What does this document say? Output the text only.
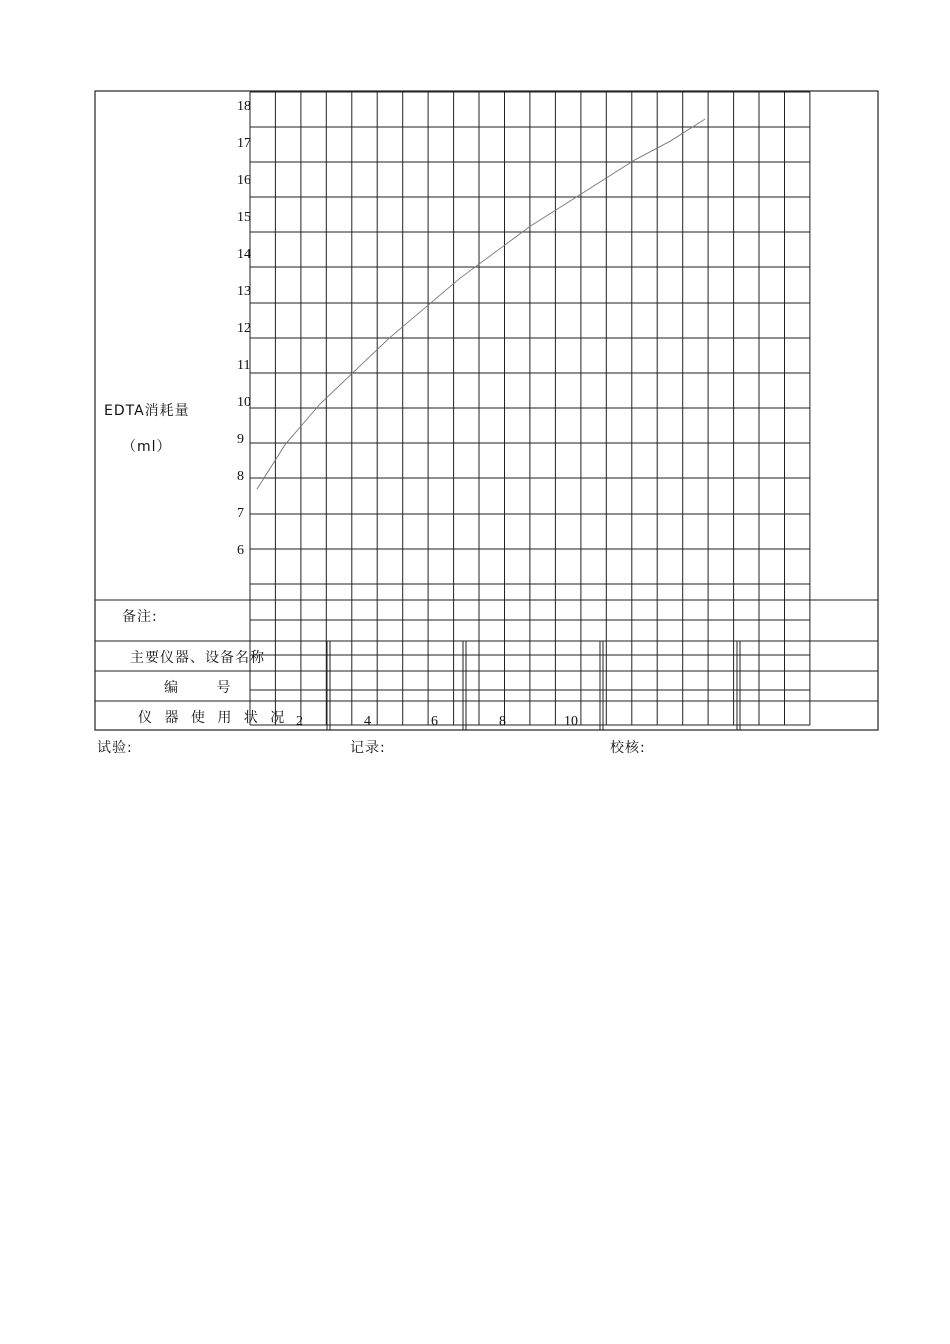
18
17
16
15
14
13
12
11
10
9
8
7
6
2	4	6	8	10
EDTA消耗量
（ml）
备注:
主要仪器、设备名称
编 号
仪 器 使 用 状 况
试验:	记录:	校核:
